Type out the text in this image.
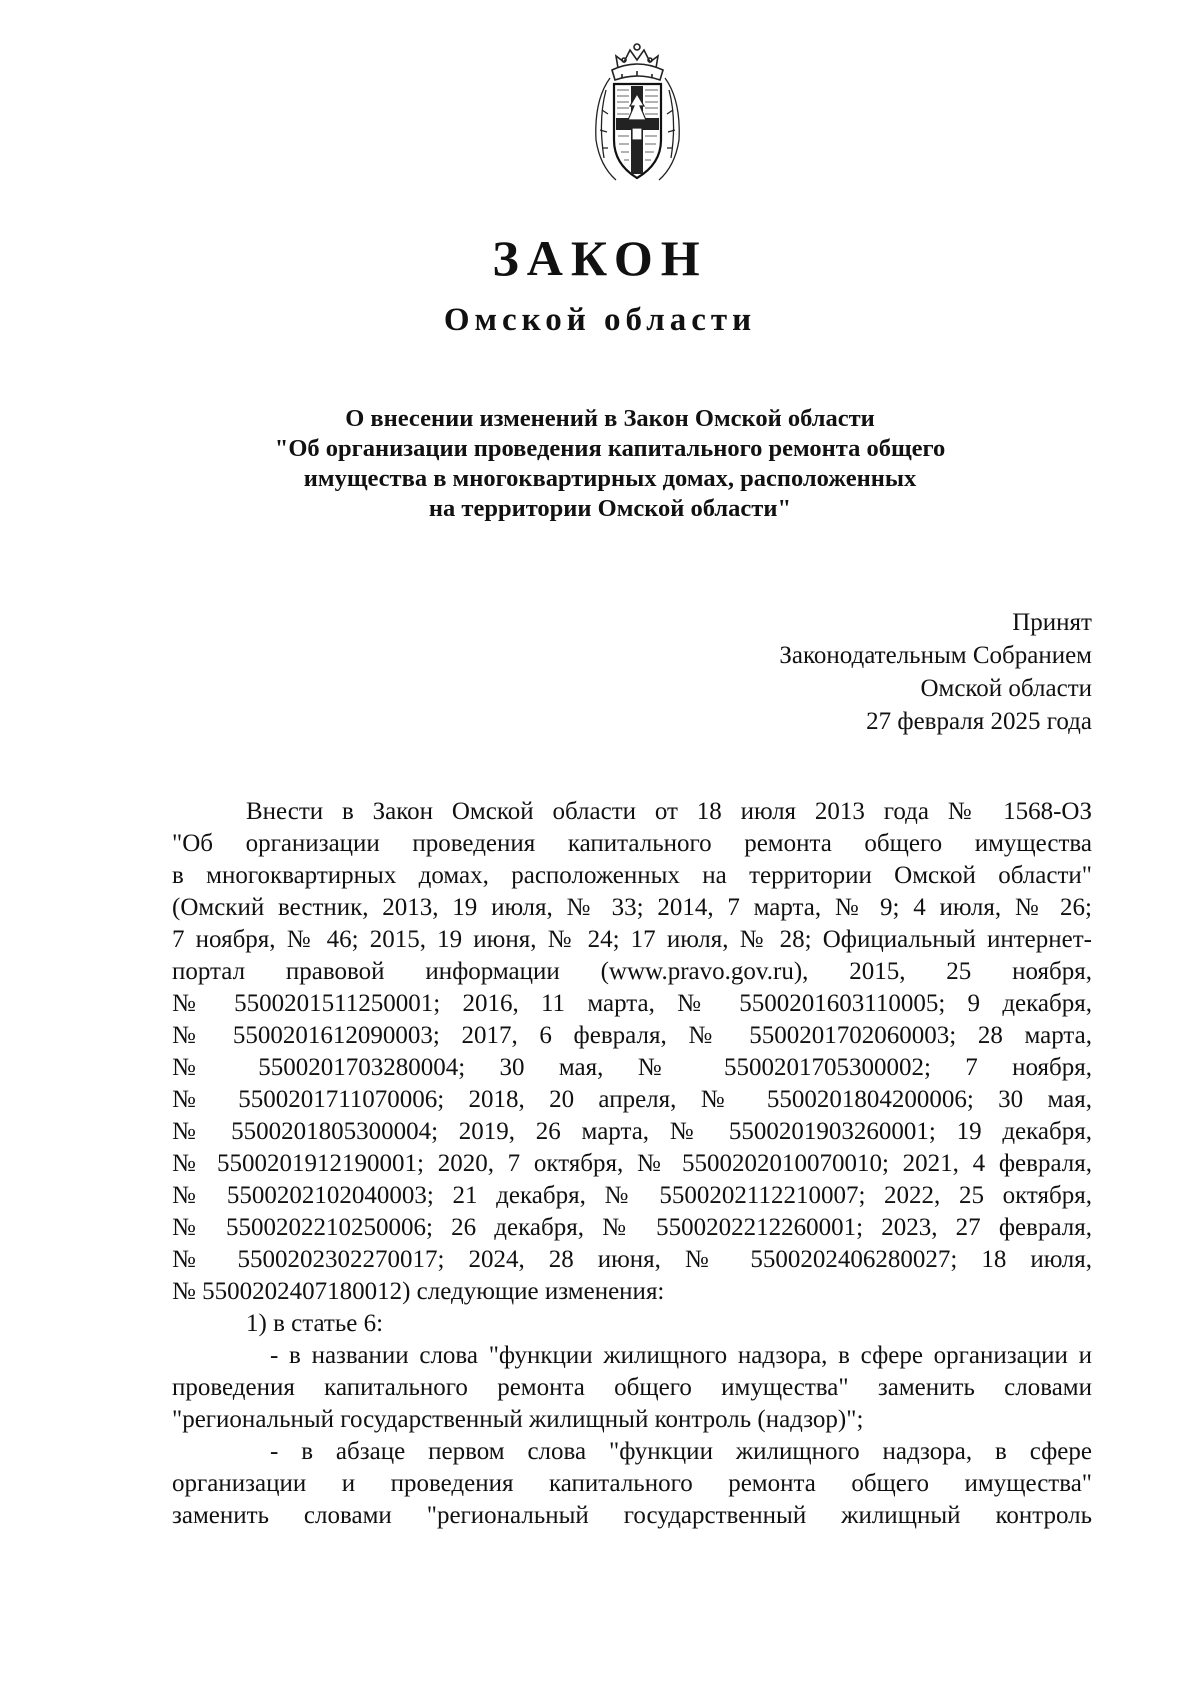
ЗАКОН
Омской области
О внесении изменений в Закон Омской области
"Об организации проведения капитального ремонта общего
имущества в многоквартирных домах, расположенных
на территории Омской области"
Принят
Законодательным Собранием
Омской области
27 февраля 2025 года
Внести в Закон Омской области от 18 июля 2013 года № 1568-ОЗ
"Об организации проведения капитального ремонта общего имущества
в многоквартирных домах, расположенных на территории Омской области"
(Омский вестник, 2013, 19 июля, № 33; 2014, 7 марта, № 9; 4 июля, № 26;
7 ноября, № 46; 2015, 19 июня, № 24; 17 июля, № 28; Официальный интернет-
портал правовой информации (www.pravo.gov.ru), 2015, 25 ноября,
№ 5500201511250001; 2016, 11 марта, № 5500201603110005; 9 декабря,
№ 5500201612090003; 2017, 6 февраля, № 5500201702060003; 28 марта,
№ 5500201703280004; 30 мая, № 5500201705300002; 7 ноября,
№ 5500201711070006; 2018, 20 апреля, № 5500201804200006; 30 мая,
№ 5500201805300004; 2019, 26 марта, № 5500201903260001; 19 декабря,
№ 5500201912190001; 2020, 7 октября, № 5500202010070010; 2021, 4 февраля,
№ 5500202102040003; 21 декабря, № 5500202112210007; 2022, 25 октября,
№ 5500202210250006; 26 декабря, № 5500202212260001; 2023, 27 февраля,
№ 5500202302270017; 2024, 28 июня, № 5500202406280027; 18 июля,
№ 5500202407180012) следующие изменения:
1) в статье 6:
- в названии слова "функции жилищного надзора, в сфере организации и
проведения капитального ремонта общего имущества" заменить словами
"региональный государственный жилищный контроль (надзор)";
- в абзаце первом слова "функции жилищного надзора, в сфере
организации и проведения капитального ремонта общего имущества"
заменить словами "региональный государственный жилищный контроль
